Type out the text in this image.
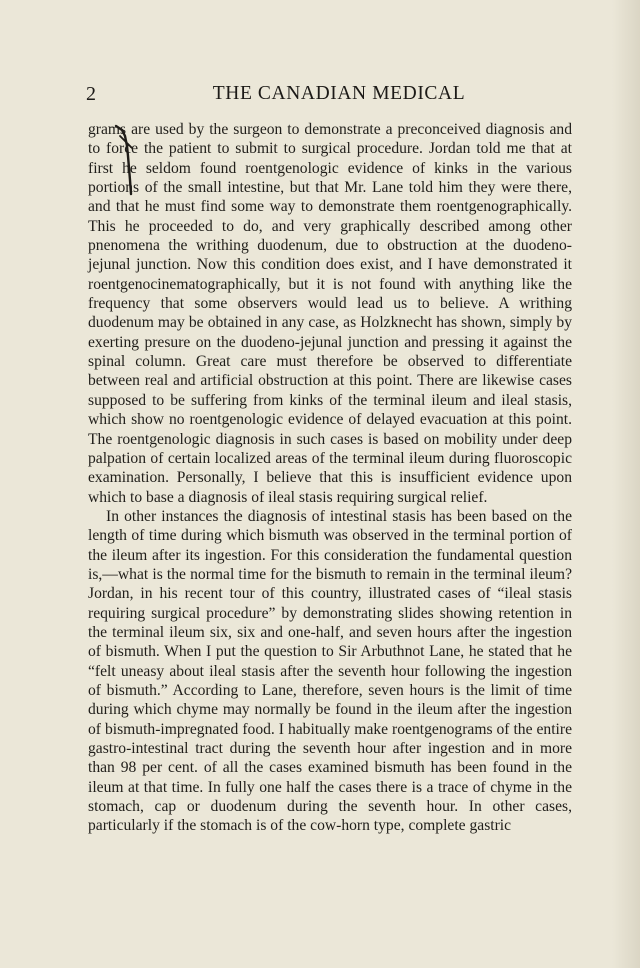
2	THE CANADIAN MEDICAL

grams are used by the surgeon to demonstrate a preconceived diagnosis and to force the patient to submit to surgical procedure. Jordan told me that at first he seldom found roentgenologic evidence of kinks in the various portions of the small intestine, but that Mr. Lane told him they were there, and that he must find some way to demonstrate them roentgenographically. This he proceeded to do, and very graphically described among other pnenomena the writhing duodenum, due to obstruction at the duodeno-jejunal junction. Now this condition does exist, and I have demonstrated it roentgenocinematographically, but it is not found with anything like the frequency that some observers would lead us to believe. A writhing duodenum may be obtained in any case, as Holzknecht has shown, simply by exerting presure on the duodeno-jejunal junction and pressing it against the spinal column. Great care must therefore be observed to differentiate between real and artificial obstruction at this point. There are likewise cases supposed to be suffering from kinks of the terminal ileum and ileal stasis, which show no roentgenologic evidence of delayed evacuation at this point. The roentgenologic diagnosis in such cases is based on mobility under deep palpation of certain localized areas of the terminal ileum during fluoroscopic examination. Personally, I believe that this is insufficient evidence upon which to base a diagnosis of ileal stasis requiring surgical relief.

In other instances the diagnosis of intestinal stasis has been based on the length of time during which bismuth was observed in the terminal portion of the ileum after its ingestion. For this consideration the fundamental question is,—what is the normal time for the bismuth to remain in the terminal ileum? Jordan, in his recent tour of this country, illustrated cases of “ileal stasis requiring surgical procedure” by demonstrating slides showing retention in the terminal ileum six, six and one-half, and seven hours after the ingestion of bismuth. When I put the question to Sir Arbuthnot Lane, he stated that he “felt uneasy about ileal stasis after the seventh hour following the ingestion of bismuth.” According to Lane, therefore, seven hours is the limit of time during which chyme may normally be found in the ileum after the ingestion of bismuth-impregnated food. I habitually make roentgenograms of the entire gastro-intestinal tract during the seventh hour after ingestion and in more than 98 per cent. of all the cases examined bismuth has been found in the ileum at that time. In fully one half the cases there is a trace of chyme in the stomach, cap or duodenum during the seventh hour. In other cases, particularly if the stomach is of the cow-horn type, complete gastric
